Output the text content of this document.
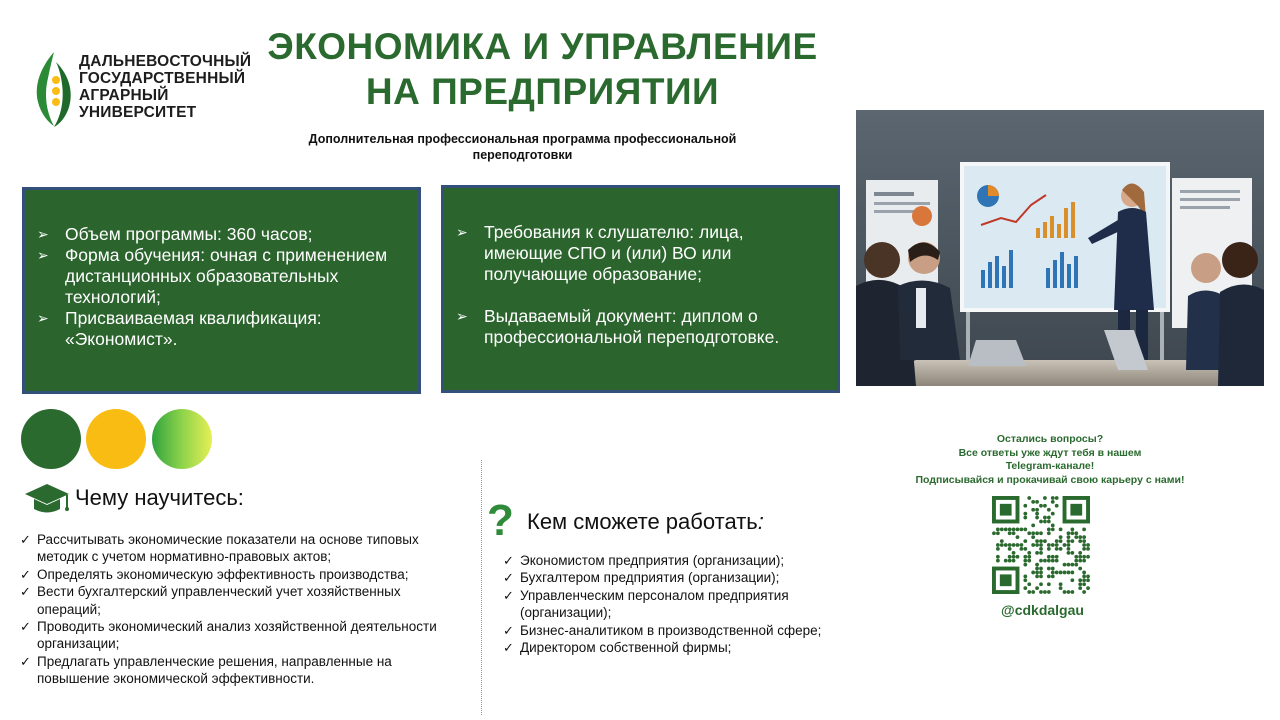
ДАЛЬНЕВОСТОЧНЫЙ
ГОСУДАРСТВЕННЫЙ
АГРАРНЫЙ
УНИВЕРСИТЕТ
ЭКОНОМИКА И УПРАВЛЕНИЕ
НА ПРЕДПРИЯТИИ
Дополнительная профессиональная программа профессиональной
переподготовки
➢ Объем программы: 360 часов;
➢ Форма обучения: очная с применением дистанционных образовательных технологий;
➢ Присваиваемая квалификация: «Экономист».
➢ Требования к слушателю: лица, имеющие СПО и (или) ВО или получающие образование;
➢ Выдаваемый документ: диплом о профессиональной переподготовке.
Чему научитесь:
✓ Рассчитывать экономические показатели на основе типовых методик с учетом нормативно-правовых актов;
✓ Определять экономическую эффективность производства;
✓ Вести бухгалтерский управленческий учет хозяйственных операций;
✓ Проводить экономический анализ хозяйственной деятельности организации;
✓ Предлагать управленческие решения, направленные на повышение экономической эффективности.
? Кем сможете работать:
✓ Экономистом предприятия (организации);
✓ Бухгалтером предприятия (организации);
✓ Управленческим персоналом предприятия (организации);
✓ Бизнес-аналитиком в производственной сфере;
✓ Директором собственной фирмы;
Остались вопросы?
Все ответы уже ждут тебя в нашем
Telegram-канале!
Подписывайся и прокачивай свою карьеру с нами!
@cdkdalgau
